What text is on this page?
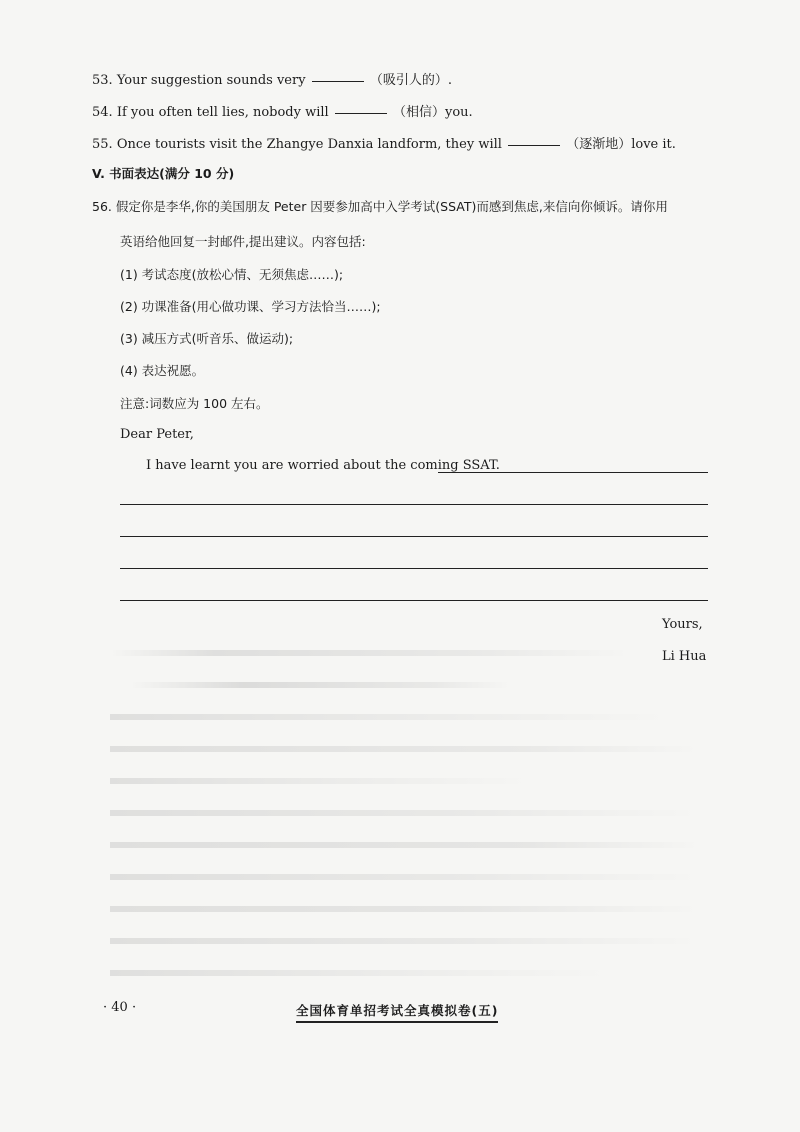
53. Your suggestion sounds very	（吸引人的）.
54. If you often tell lies, nobody will	（相信）you.
55. Once tourists visit the Zhangye Danxia landform, they will	（逐渐地）love it.
V. 书面表达(满分 10 分)
56. 假定你是李华,你的美国朋友 Peter 因要参加高中入学考试(SSAT)而感到焦虑,来信向你倾诉。请你用
英语给他回复一封邮件,提出建议。内容包括:
(1) 考试态度(放松心情、无须焦虑……);
(2) 功课准备(用心做功课、学习方法恰当……);
(3) 减压方式(听音乐、做运动);
(4) 表达祝愿。
注意:词数应为 100 左右。
Dear Peter,
I have learnt you are worried about the coming SSAT.
Yours,
Li Hua
· 40 ·	全国体育单招考试全真模拟卷(五)
